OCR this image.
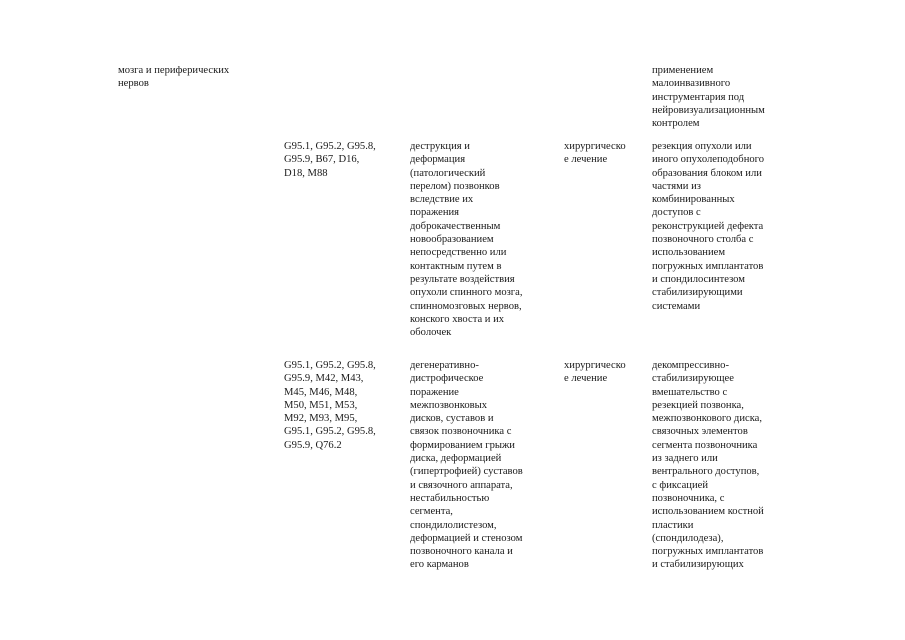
мозга и периферических
нервов
применением
малоинвазивного
инструментария под
нейровизуализационным
контролем
G95.1, G95.2, G95.8,
G95.9, B67, D16,
D18, M88
деструкция и
деформация
(патологический
перелом) позвонков
вследствие их
поражения
доброкачественным
новообразованием
непосредственно или
контактным путем в
результате воздействия
опухоли спинного мозга,
спинномозговых нервов,
конского хвоста и их
оболочек
хирургическо
е лечение
резекция опухоли или
иного опухолеподобного
образования блоком или
частями из
комбинированных
доступов с
реконструкцией дефекта
позвоночного столба с
использованием
погружных имплантатов
и спондилосинтезом
стабилизирующими
системами
G95.1, G95.2, G95.8,
G95.9, M42, M43,
M45, M46, M48,
M50, M51, M53,
M92, M93, M95,
G95.1, G95.2, G95.8,
G95.9, Q76.2
дегенеративно-
дистрофическое
поражение
межпозвонковых
дисков, суставов и
связок позвоночника с
формированием грыжи
диска, деформацией
(гипертрофией) суставов
и связочного аппарата,
нестабильностью
сегмента,
спондилолистезом,
деформацией и стенозом
позвоночного канала и
его карманов
хирургическо
е лечение
декомпрессивно-
стабилизирующее
вмешательство с
резекцией позвонка,
межпозвонкового диска,
связочных элементов
сегмента позвоночника
из заднего или
вентрального доступов,
с фиксацией
позвоночника, с
использованием костной
пластики
(спондилодеза),
погружных имплантатов
и стабилизирующих
